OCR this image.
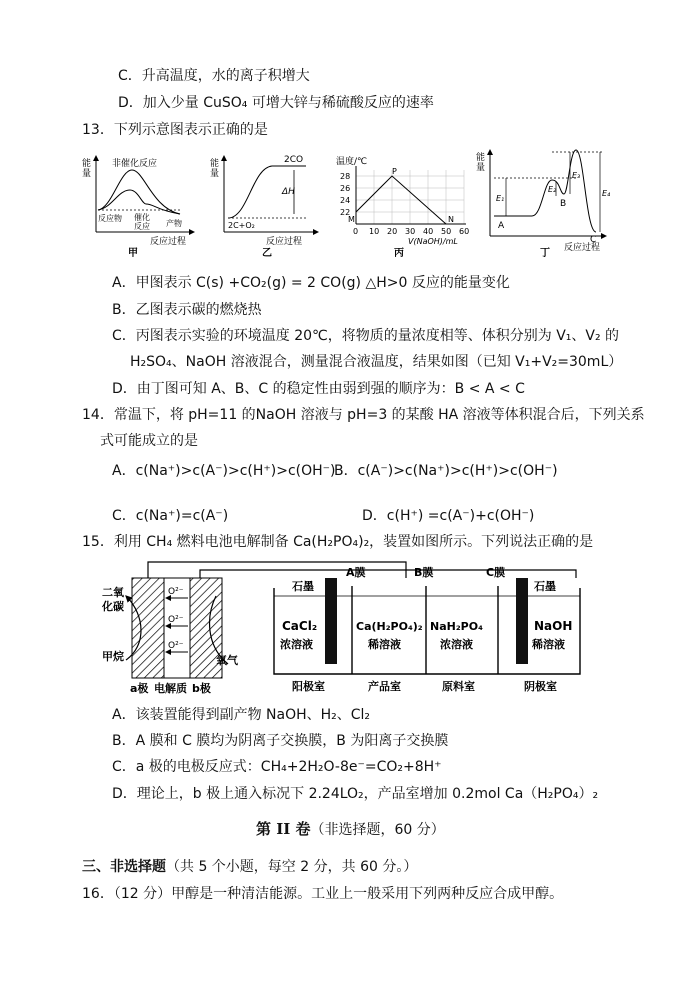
C．升高温度，水的离子积增大
D．加入少量 CuSO₄ 可增大锌与稀硫酸反应的速率
13．下列示意图表示正确的是
能量
非催化反应
反应物 催化反应 产物
反应过程
甲
能量
2CO
ΔH
2C+O₂
反应过程
乙
温度/℃
28
26
24
22
0 10 20 30 40 50 60
M
P
N
V(NaOH)/mL
丙
能量
E₁
E₂
E₃
E₄
A
B
C
反应过程
丁
A．甲图表示 C(s) +CO₂(g) = 2 CO(g) △H>0 反应的能量变化
B．乙图表示碳的燃烧热
C．丙图表示实验的环境温度 20℃，将物质的量浓度相等、体积分别为 V₁、V₂ 的
H₂SO₄、NaOH 溶液混合，测量混合液温度，结果如图（已知 V₁+V₂=30mL）
D．由丁图可知 A、B、C 的稳定性由弱到强的顺序为：B < A < C
14．常温下，将 pH=11 的NaOH 溶液与 pH=3 的某酸 HA 溶液等体积混合后，下列关系
式可能成立的是
A．c(Na⁺)>c(A⁻)>c(H⁺)>c(OH⁻)
B．c(A⁻)>c(Na⁺)>c(H⁺)>c(OH⁻)
C．c(Na⁺)=c(A⁻)	D．c(H⁺) =c(A⁻)+c(OH⁻)
15．利用 CH₄ 燃料电池电解制备 Ca(H₂PO₄)₂，装置如图所示。下列说法正确的是
O²⁻
O²⁻
O²⁻
二氧
化碳
甲烷	氧气
a极 电解质 b极
石墨	石墨
A膜	B膜	C膜
CaCl₂
浓溶液
Ca(H₂PO₄)₂
稀溶液
NaH₂PO₄
浓溶液
NaOH
稀溶液
阳极室	产品室	原料室	阴极室
A．该装置能得到副产物 NaOH、H₂、Cl₂
B．A 膜和 C 膜均为阴离子交换膜，B 为阳离子交换膜
C．a 极的电极反应式：CH₄+2H₂O-8e⁻=CO₂+8H⁺
D．理论上，b 极上通入标况下 2.24LO₂，产品室增加 0.2mol Ca（H₂PO₄）₂
第 II 卷（非选择题，60 分）
三、非选择题（共 5 个小题，每空 2 分，共 60 分。）
16．（12 分）甲醇是一种清洁能源。工业上一般采用下列两种反应合成甲醇。
